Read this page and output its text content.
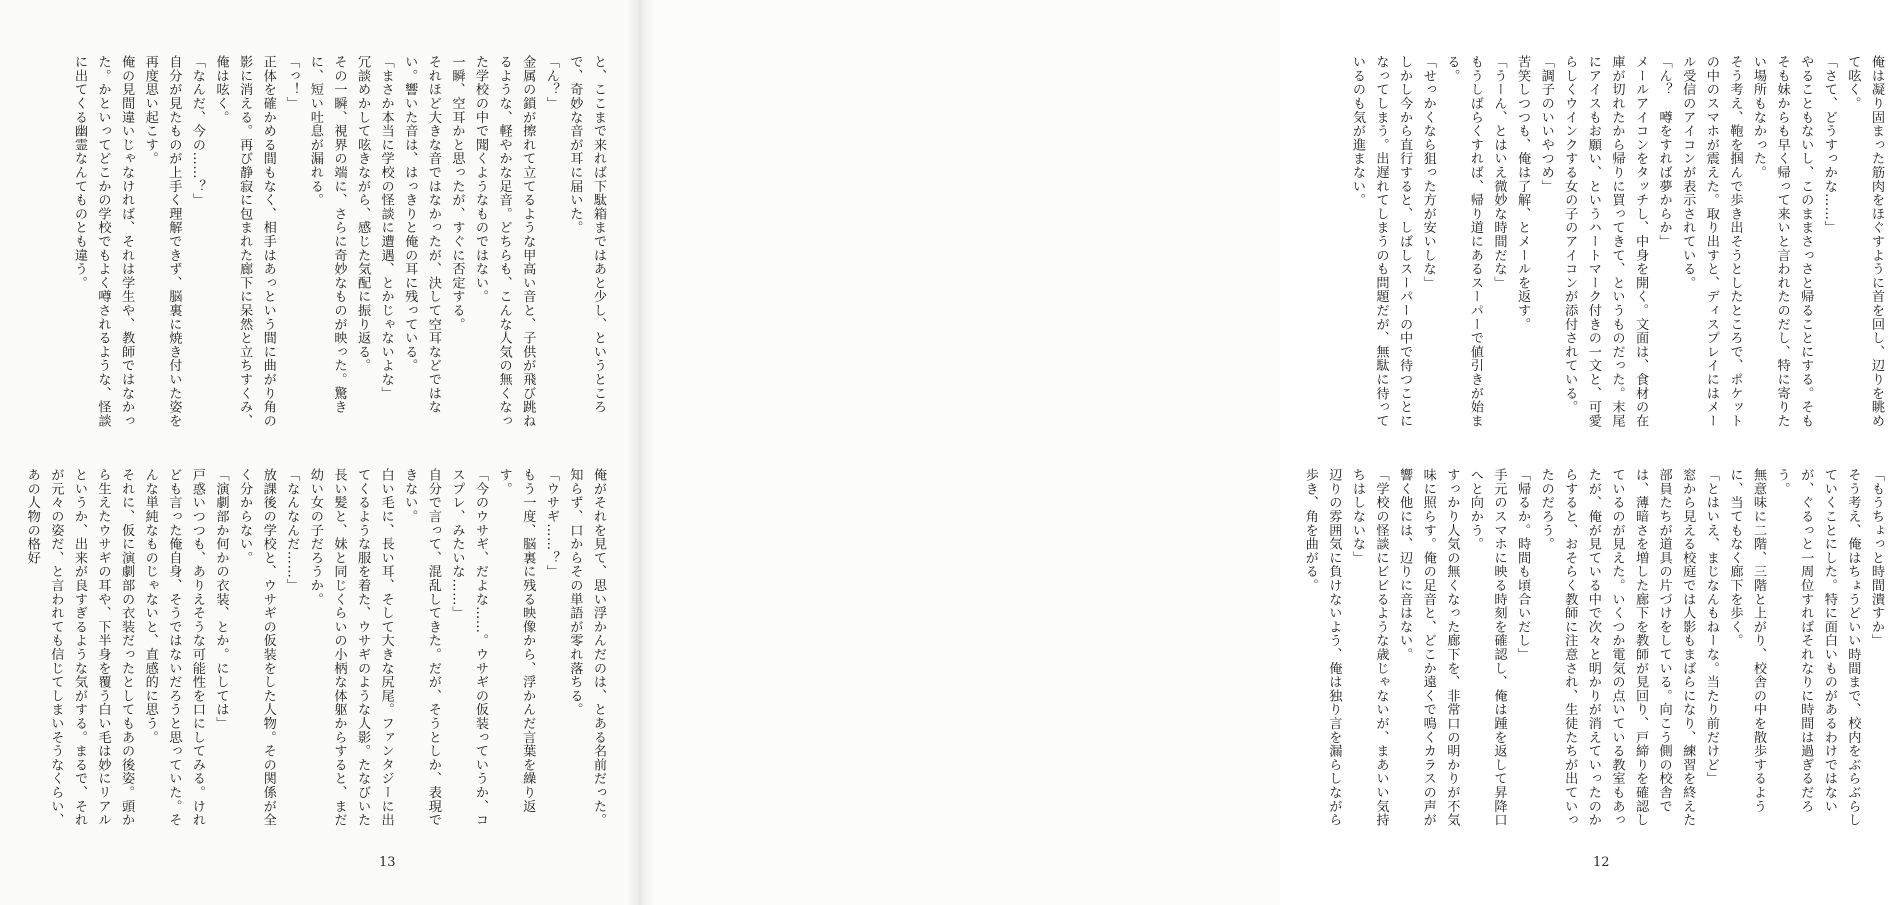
と、ここまで来れば下駄箱まではあと少し、というところで、奇妙な音が耳に届いた。

「ん？」

金属の鎖が擦れて立てるような甲高い音と、子供が飛び跳ねるような、軽やかな足音。どちらも、こんな人気の無くなった学校の中で聞くようなものではない。

一瞬、空耳かと思ったが、すぐに否定する。

それほど大きな音ではなかったが、決して空耳などではない。響いた音は、はっきりと俺の耳に残っている。

「まさか本当に学校の怪談に遭遇、とかじゃないよな」

冗談めかして呟きながら、感じた気配に振り返る。

その一瞬、視界の端に、さらに奇妙なものが映った。驚きに、短い吐息が漏れる。

「っ！」

正体を確かめる間もなく、相手はあっという間に曲がり角の影に消える。再び静寂に包まれた廊下に呆然と立ちすくみ、俺は呟く。

「なんだ、今の……？」

自分が見たものが上手く理解できず、脳裏に焼き付いた姿を再度思い起こす。

俺の見間違いじゃなければ、それは学生や、教師ではなかった。かといってどこかの学校でもよく噂されるような、怪談に出てくる幽霊なんてものとも違う。

俺がそれを見て、思い浮かんだのは、とある名前だった。知らず、口からその単語が零れ落ちる。

「ウサギ……？」

もう一度、脳裏に残る映像から、浮かんだ言葉を繰り返す。

「今のウサギ、だよな……。ウサギの仮装っていうか、コスプレ、みたいな……」

自分で言って、混乱してきた。だが、そうとしか、表現できない。

白い毛に、長い耳、そして大きな尻尾。ファンタジーに出てくるような服を着た、ウサギのような人影。たなびいた長い髪と、妹と同じくらいの小柄な体躯からすると、まだ幼い女の子だろうか。

「なんなんだ……」

放課後の学校と、ウサギの仮装をした人物。その関係が全く分からない。

「演劇部か何かの衣装、とか。にしては」

戸惑いつつも、ありえそうな可能性を口にしてみる。けれども言った俺自身、そうではないだろうと思っていた。そんな単純なものじゃないと、直感的に思う。

それに、仮に演劇部の衣装だったとしてもあの後姿。頭から生えたウサギの耳や、下半身を覆う白い毛は妙にリアルというか、出来が良すぎるような気がする。まるで、それが元々の姿だ、と言われても信じてしまいそうなくらい、あの人物の格好

13

俺は凝り固まった筋肉をほぐすように首を回し、辺りを眺めて呟く。

「さて、どうすっかな……」

やることもないし、このままさっさと帰ることにする。そもそも妹からも早く帰って来いと言われたのだし、特に寄りたい場所もなかった。

そう考え、鞄を掴んで歩き出そうとしたところで、ポケットの中のスマホが震えた。取り出すと、ディスプレイにはメール受信のアイコンが表示されている。

「ん？　噂をすれば夢からか」

メールアイコンをタッチし、中身を開く。文面は、食材の在庫が切れたから帰りに買ってきて、というものだった。末尾にアイスもお願い、というハートマーク付きの一文と、可愛らしくウインクする女の子のアイコンが添付されている。

「調子のいいやつめ」

苦笑しつつも、俺は了解、とメールを返す。

「うーん、とはいえ微妙な時間だな」

もうしばらくすれば、帰り道にあるスーパーで値引きが始まる。

「せっかくなら狙った方が安いしな」

しかし今から直行すると、しばしスーパーの中で待つことになってしまう。出遅れてしまうのも問題だが、無駄に待っているのも気が進まない。

「もうちょっと時間潰すか」

そう考え、俺はちょうどいい時間まで、校内をぶらぶらしていくことにした。特に面白いものがあるわけではないが、ぐるっと一周位すればそれなりに時間は過ぎるだろう。

無意味に二階、三階と上がり、校舎の中を散歩するように、当てもなく廊下を歩く。

「とはいえ、まじなんもねーな。当たり前だけど」

窓から見える校庭では人影もまばらになり、練習を終えた部員たちが道具の片づけをしている。向こう側の校舎では、薄暗さを増した廊下を教師が見回り、戸締りを確認しているのが見えた。いくつか電気の点いている教室もあったが、俺が見ている中で次々と明かりが消えていったのからすると、おそらく教師に注意され、生徒たちが出ていったのだろう。

「帰るか。時間も頃合いだし」

手元のスマホに映る時刻を確認し、俺は踵を返して昇降口へと向かう。

すっかり人気の無くなった廊下を、非常口の明かりが不気味に照らす。俺の足音と、どこか遠くで鳴くカラスの声が響く他には、辺りに音はない。

「学校の怪談にビビるような歳じゃないが、まあいい気持ちはしないな」

辺りの雰囲気に負けないよう、俺は独り言を漏らしながら歩き、角を曲がる。

12
